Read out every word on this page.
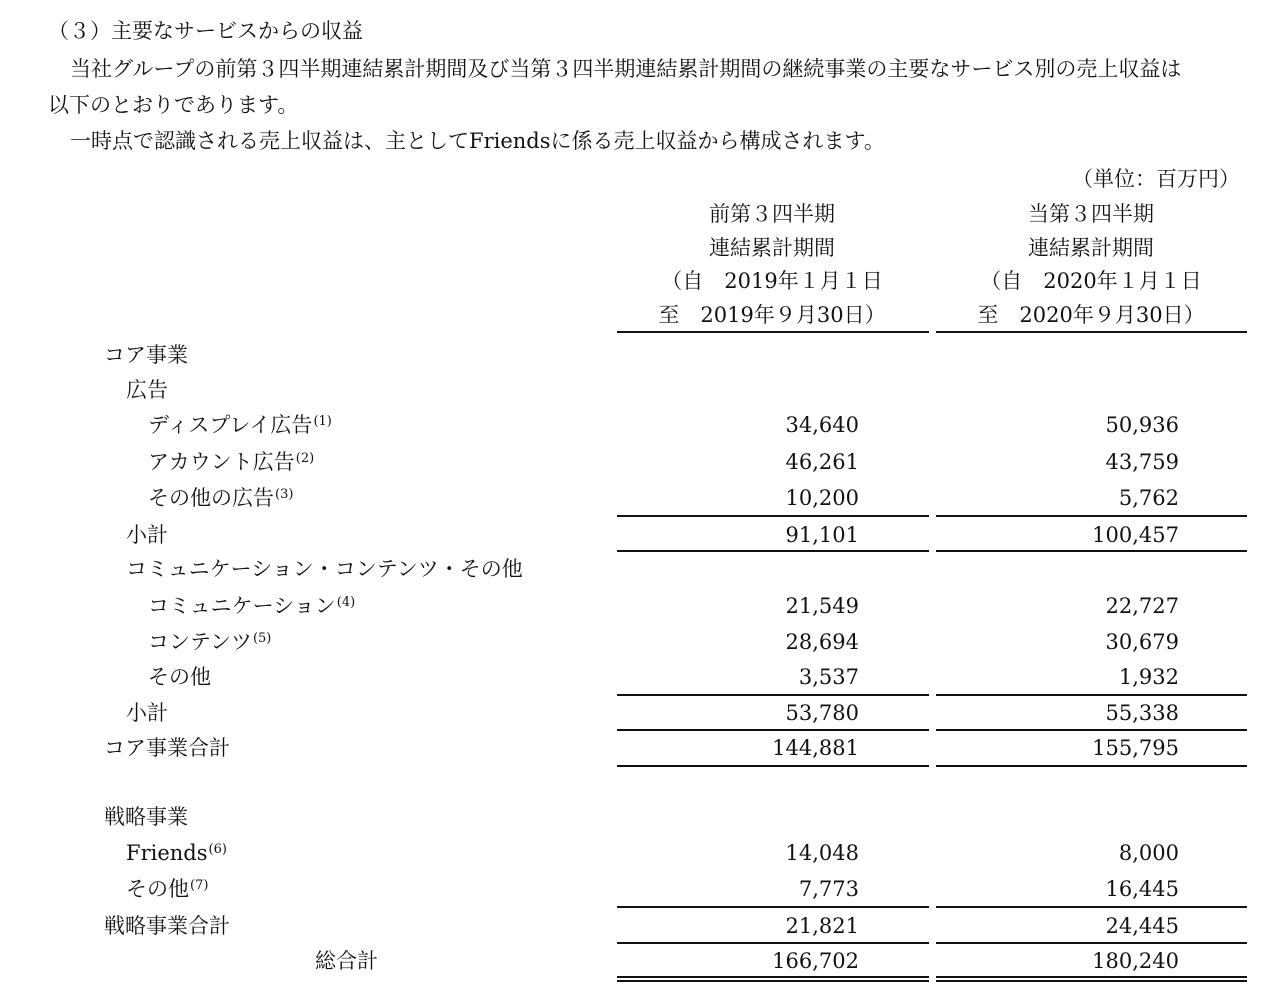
（３）主要なサービスからの収益
当社グループの前第３四半期連結累計期間及び当第３四半期連結累計期間の継続事業の主要なサービス別の売上収益は
以下のとおりであります。
一時点で認識される売上収益は、主としてFriendsに係る売上収益から構成されます。
（単位：百万円）
前第３四半期
連結累計期間
（自　2019年１月１日
至　2019年９月30日）
当第３四半期
連結累計期間
（自　2020年１月１日
至　2020年９月30日）
コア事業
広告
ディスプレイ広告$^{(1)}$	34,640	50,936
アカウント広告$^{(2)}$	46,261	43,759
その他の広告$^{(3)}$	10,200	5,762
小計	91,101	100,457
コミュニケーション・コンテンツ・その他
コミュニケーション$^{(4)}$	21,549	22,727
コンテンツ$^{(5)}$	28,694	30,679
その他	3,537	1,932
小計	53,780	55,338
コア事業合計	144,881	155,795
戦略事業
Friends$^{(6)}$	14,048	8,000
その他$^{(7)}$	7,773	16,445
戦略事業合計	21,821	24,445
総合計	166,702	180,240
